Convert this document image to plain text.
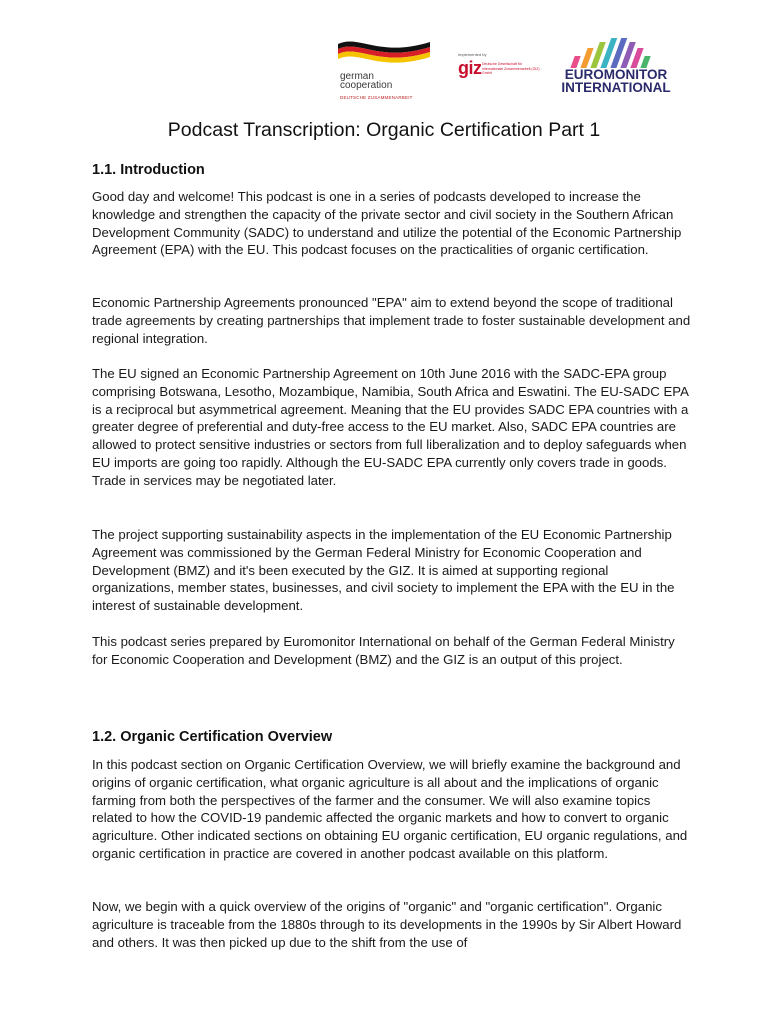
german
cooperation
DEUTSCHE ZUSAMMENARBEIT
Implemented by
giz Deutsche Gesellschaft für Internationale Zusammenarbeit (GIZ) GmbH	EUROMONITOR
INTERNATIONAL
Podcast Transcription: Organic Certification Part 1
1.1. Introduction
Good day and welcome! This podcast is one in a series of podcasts developed to increase the knowledge and strengthen the capacity of the private sector and civil society in the Southern African Development Community (SADC) to understand and utilize the potential of the Economic Partnership Agreement (EPA) with the EU. This podcast focuses on the practicalities of organic certification.
Economic Partnership Agreements pronounced "EPA" aim to extend beyond the scope of traditional trade agreements by creating partnerships that implement trade to foster sustainable development and regional integration.
The EU signed an Economic Partnership Agreement on 10th June 2016 with the SADC-EPA group comprising Botswana, Lesotho, Mozambique, Namibia, South Africa and Eswatini. The EU-SADC EPA is a reciprocal but asymmetrical agreement. Meaning that the EU provides SADC EPA countries with a greater degree of preferential and duty-free access to the EU market. Also, SADC EPA countries are allowed to protect sensitive industries or sectors from full liberalization and to deploy safeguards when EU imports are going too rapidly. Although the EU-SADC EPA currently only covers trade in goods. Trade in services may be negotiated later.
The project supporting sustainability aspects in the implementation of the EU Economic Partnership Agreement was commissioned by the German Federal Ministry for Economic Cooperation and Development (BMZ) and it's been executed by the GIZ. It is aimed at supporting regional organizations, member states, businesses, and civil society to implement the EPA with the EU in the interest of sustainable development.
This podcast series prepared by Euromonitor International on behalf of the German Federal Ministry for Economic Cooperation and Development (BMZ) and the GIZ is an output of this project.
1.2. Organic Certification Overview
In this podcast section on Organic Certification Overview, we will briefly examine the background and origins of organic certification, what organic agriculture is all about and the implications of organic farming from both the perspectives of the farmer and the consumer. We will also examine topics related to how the COVID-19 pandemic affected the organic markets and how to convert to organic agriculture. Other indicated sections on obtaining EU organic certification, EU organic regulations, and organic certification in practice are covered in another podcast available on this platform.
Now, we begin with a quick overview of the origins of "organic" and "organic certification". Organic agriculture is traceable from the 1880s through to its developments in the 1990s by Sir Albert Howard and others. It was then picked up due to the shift from the use of
